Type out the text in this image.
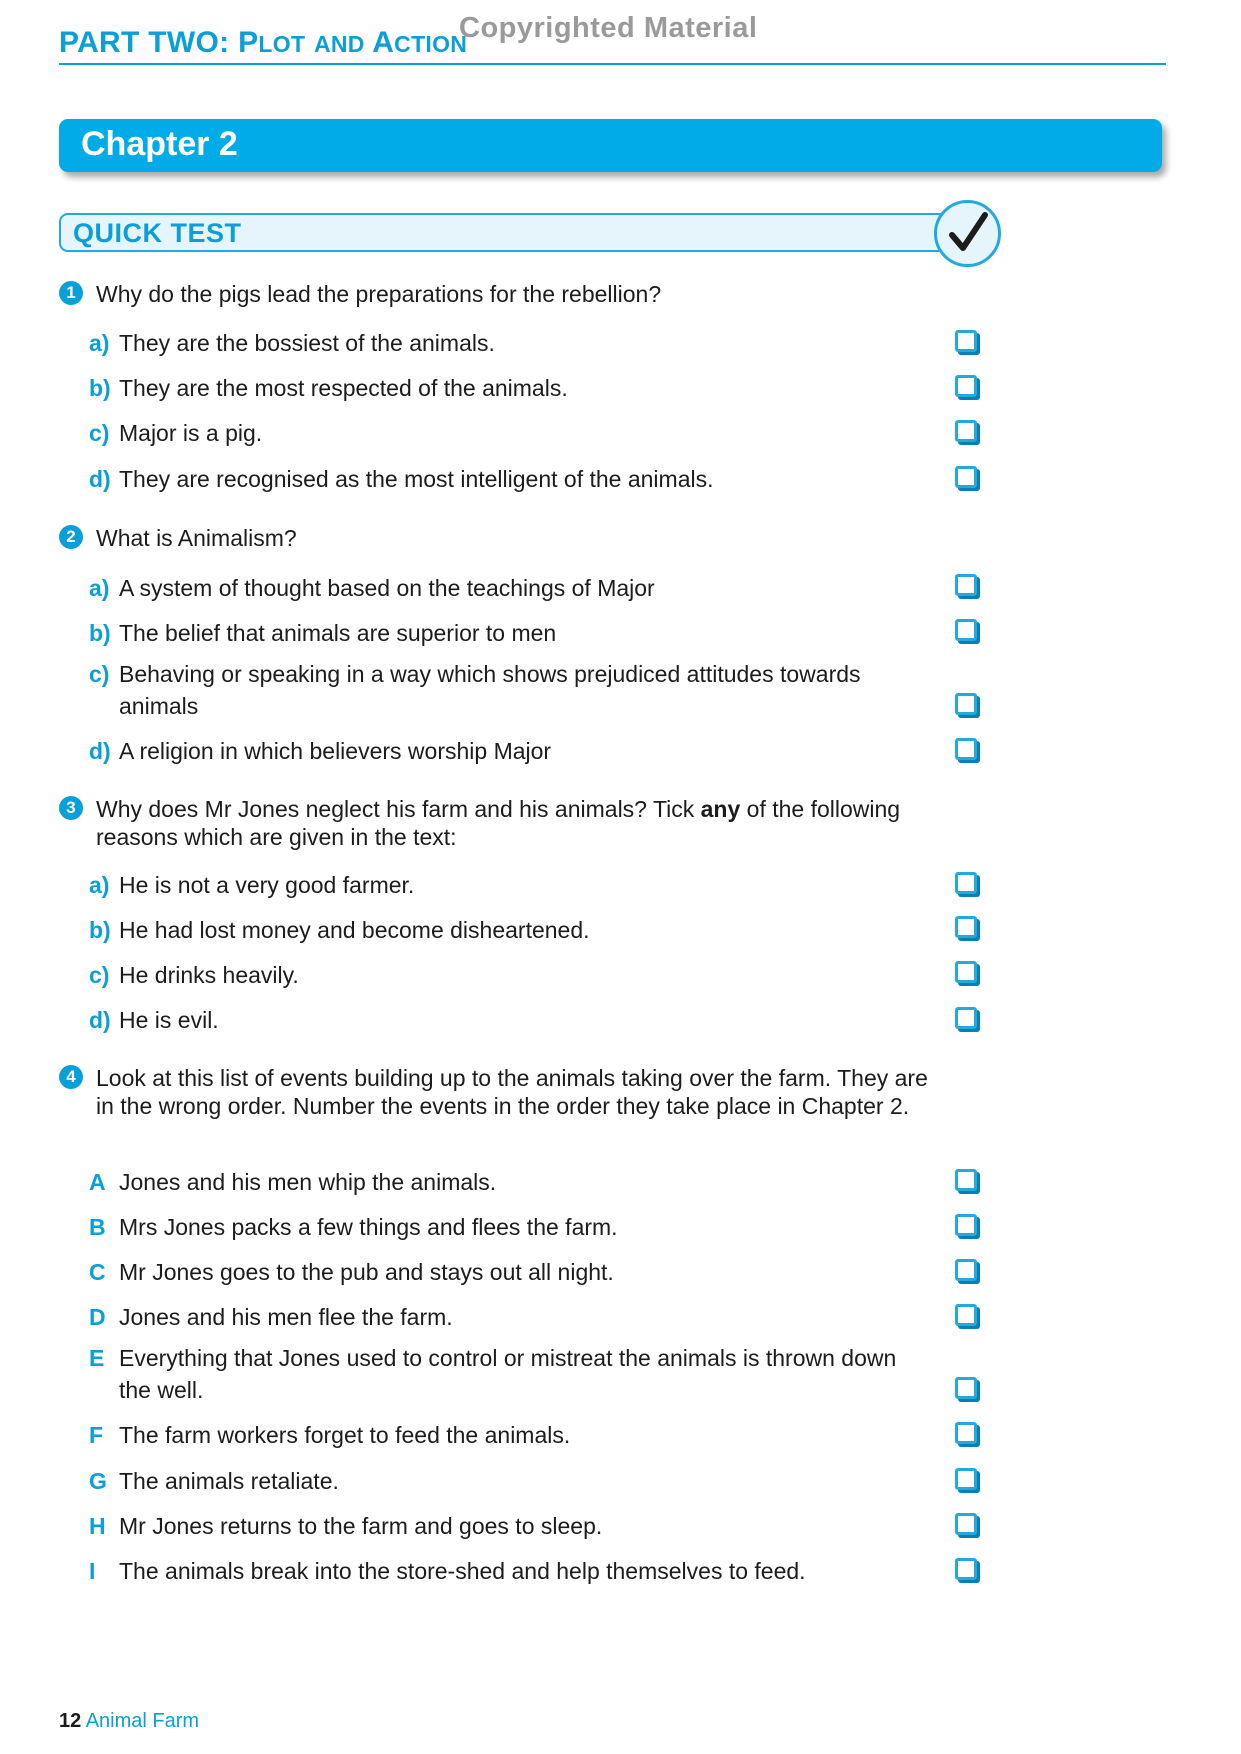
PART TWO: PLOT AND ACTION
Copyrighted Material
Chapter 2
QUICK TEST
1 Why do the pigs lead the preparations for the rebellion?
a) They are the bossiest of the animals.
b) They are the most respected of the animals.
c) Major is a pig.
d) They are recognised as the most intelligent of the animals.
2 What is Animalism?
a) A system of thought based on the teachings of Major
b) The belief that animals are superior to men
c) Behaving or speaking in a way which shows prejudiced attitudes towards animals
d) A religion in which believers worship Major
3 Why does Mr Jones neglect his farm and his animals? Tick any of the following reasons which are given in the text:
a) He is not a very good farmer.
b) He had lost money and become disheartened.
c) He drinks heavily.
d) He is evil.
4 Look at this list of events building up to the animals taking over the farm. They are in the wrong order. Number the events in the order they take place in Chapter 2.
A Jones and his men whip the animals.
B Mrs Jones packs a few things and flees the farm.
C Mr Jones goes to the pub and stays out all night.
D Jones and his men flee the farm.
E Everything that Jones used to control or mistreat the animals is thrown down the well.
F The farm workers forget to feed the animals.
G The animals retaliate.
H Mr Jones returns to the farm and goes to sleep.
I The animals break into the store-shed and help themselves to feed.
12 Animal Farm
